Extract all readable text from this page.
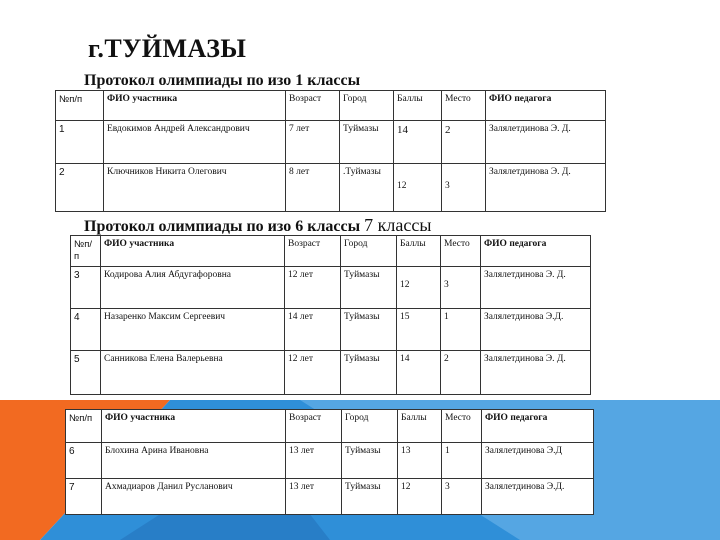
г.ТУЙМАЗЫ
Протокол олимпиады по изо 1 классы
№п/п	ФИО участника	Возраст	Город	Баллы	Место	ФИО педагога
1	Евдокимов Андрей Александрович	7 лет	Туймазы	14	2	Залялетдинова Э. Д.
2	Ключников Никита Олегович	8 лет	.Туймазы	12	3	Залялетдинова Э. Д.
Протокол олимпиады по изо 6 классы 7 классы
№п/п	ФИО участника	Возраст	Город	Баллы	Место	ФИО педагога
3	Кодирова Алия Абдугафоровна	12 лет	Туймазы	12	3	Залялетдинова Э. Д.
4	Назаренко Максим Сергеевич	14 лет	Туймазы	15	1	Залялетдинова Э.Д.
5	Санникова Елена Валерьевна	12 лет	Туймазы	14	2	Залялетдинова Э. Д.
№п/п	ФИО участника	Возраст	Город	Баллы	Место	ФИО педагога
6	Блохина Арина Ивановна	13 лет	Туймазы	13	1	Залялетдинова Э.Д
7	Ахмадиаров Данил Русланович	13 лет	Туймазы	12	3	Залялетдинова Э.Д.
